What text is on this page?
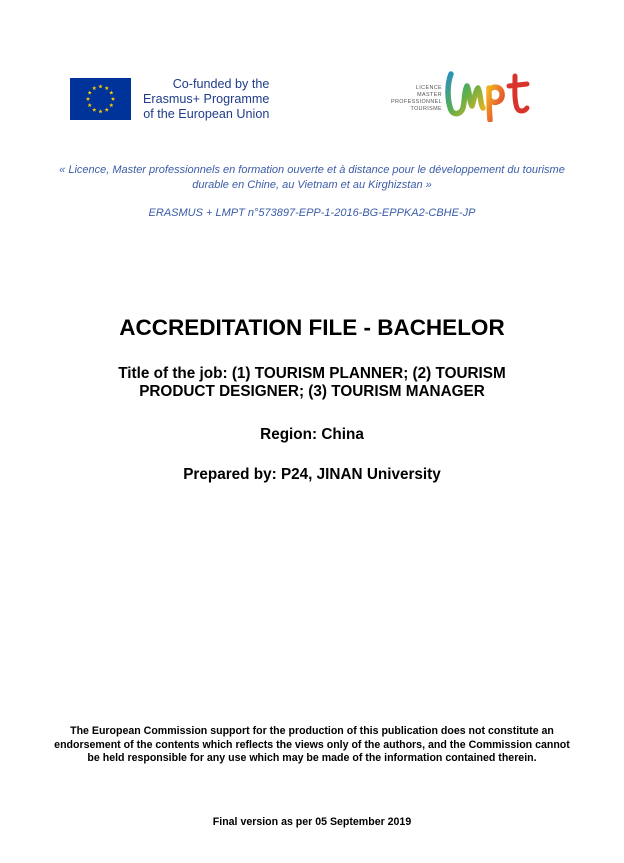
Co-funded by the
Erasmus+ Programme
of the European Union
LICENCE
MASTER
PROFESSIONNEL
TOURISME
« Licence, Master professionnels en formation ouverte et à distance pour le développement du tourisme durable en Chine, au Vietnam et au Kirghizstan »
ERASMUS + LMPT n°573897-EPP-1-2016-BG-EPPKA2-CBHE-JP
ACCREDITATION FILE - BACHELOR
Title of the job: (1) TOURISM PLANNER; (2) TOURISM PRODUCT DESIGNER; (3) TOURISM MANAGER
Region: China
Prepared by: P24, JINAN University
The European Commission support for the production of this publication does not constitute an endorsement of the contents which reflects the views only of the authors, and the Commission cannot be held responsible for any use which may be made of the information contained therein.
Final version as per 05 September 2019
